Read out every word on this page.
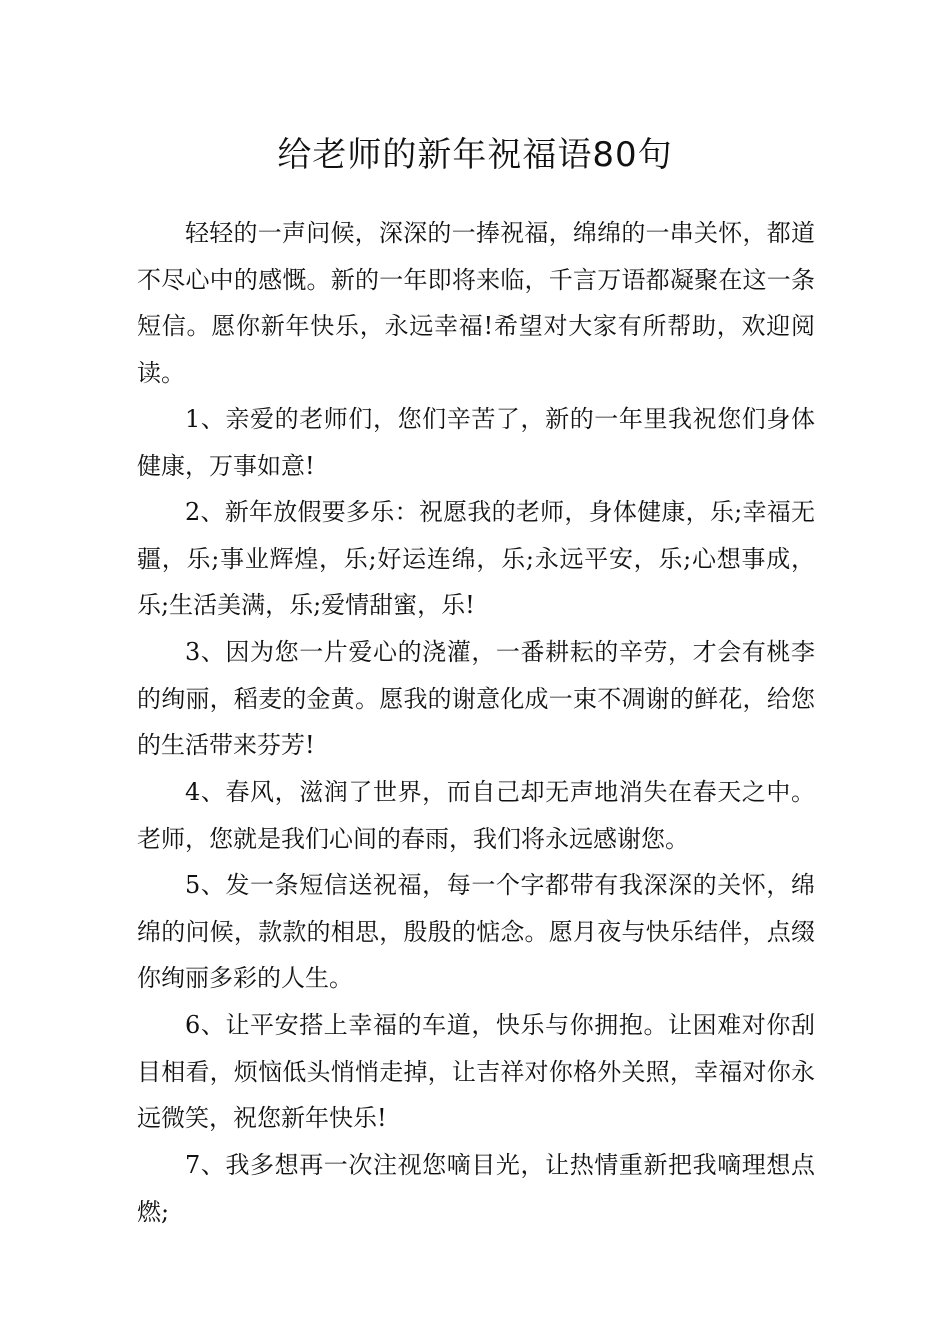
给老师的新年祝福语80句

轻轻的一声问候，深深的一捧祝福，绵绵的一串关怀，都道不尽心中的感慨。新的一年即将来临，千言万语都凝聚在这一条短信。愿你新年快乐，永远幸福!希望对大家有所帮助，欢迎阅读。

1、亲爱的老师们，您们辛苦了，新的一年里我祝您们身体健康，万事如意!

2、新年放假要多乐：祝愿我的老师，身体健康，乐;幸福无疆，乐;事业辉煌，乐;好运连绵，乐;永远平安，乐;心想事成，乐;生活美满，乐;爱情甜蜜，乐!

3、因为您一片爱心的浇灌，一番耕耘的辛劳，才会有桃李的绚丽，稻麦的金黄。愿我的谢意化成一束不凋谢的鲜花，给您的生活带来芬芳!

4、春风，滋润了世界，而自己却无声地消失在春天之中。老师，您就是我们心间的春雨，我们将永远感谢您。

5、发一条短信送祝福，每一个字都带有我深深的关怀，绵绵的问候，款款的相思，殷殷的惦念。愿月夜与快乐结伴，点缀你绚丽多彩的人生。

6、让平安搭上幸福的车道，快乐与你拥抱。让困难对你刮目相看，烦恼低头悄悄走掉，让吉祥对你格外关照，幸福对你永远微笑，祝您新年快乐!

7、我多想再一次注视您嘀目光，让热情重新把我嘀理想点燃;
